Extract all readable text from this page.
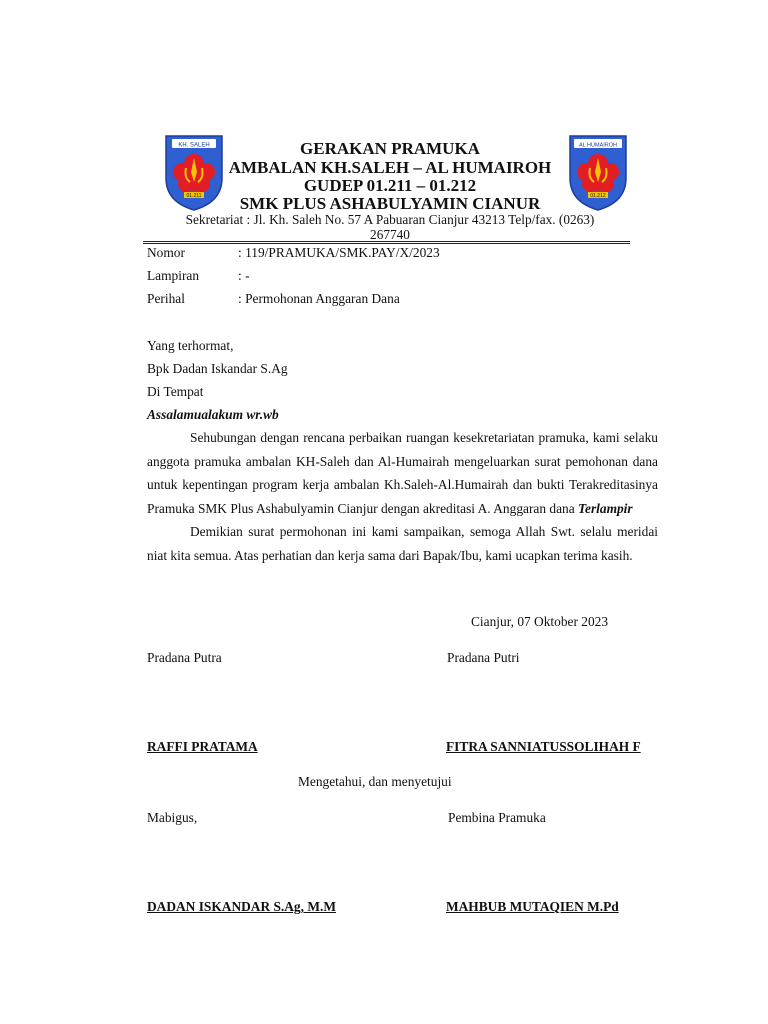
KH. SALEH
01.211
AL HUMAIROH
01.212
GERAKAN PRAMUKA
AMBALAN KH.SALEH – AL HUMAIROH
GUDEP 01.211 – 01.212
SMK PLUS ASHABULYAMIN CIANUR
Sekretariat : Jl. Kh. Saleh No. 57 A Pabuaran Cianjur 43213 Telp/fax. (0263)
267740
Nomor	: 119/PRAMUKA/SMK.PAY/X/2023
Lampiran	: -
Perihal	: Permohonan Anggaran Dana
Yang terhormat,
Bpk Dadan Iskandar S.Ag
Di Tempat
Assalamualakum wr.wb

Sehubungan dengan rencana perbaikan ruangan kesekretariatan pramuka, kami selaku anggota pramuka ambalan KH-Saleh dan Al-Humairah mengeluarkan surat pemohonan dana untuk kepentingan program kerja ambalan Kh.Saleh-Al.Humairah dan bukti Terakreditasinya Pramuka SMK Plus Ashabulyamin Cianjur dengan akreditasi A. Anggaran dana Terlampir

Demikian surat permohonan ini kami sampaikan, semoga Allah Swt. selalu meridai niat kita semua. Atas perhatian dan kerja sama dari Bapak/Ibu, kami ucapkan terima kasih.

Cianjur, 07 Oktober 2023
Pradana Putra	Pradana Putri
RAFFI PRATAMA	FITRA SANNIATUSSOLIHAH F
Mengetahui, dan menyetujui
Mabigus,	Pembina Pramuka
DADAN ISKANDAR S.Ag, M.M	MAHBUB MUTAQIEN M.Pd
